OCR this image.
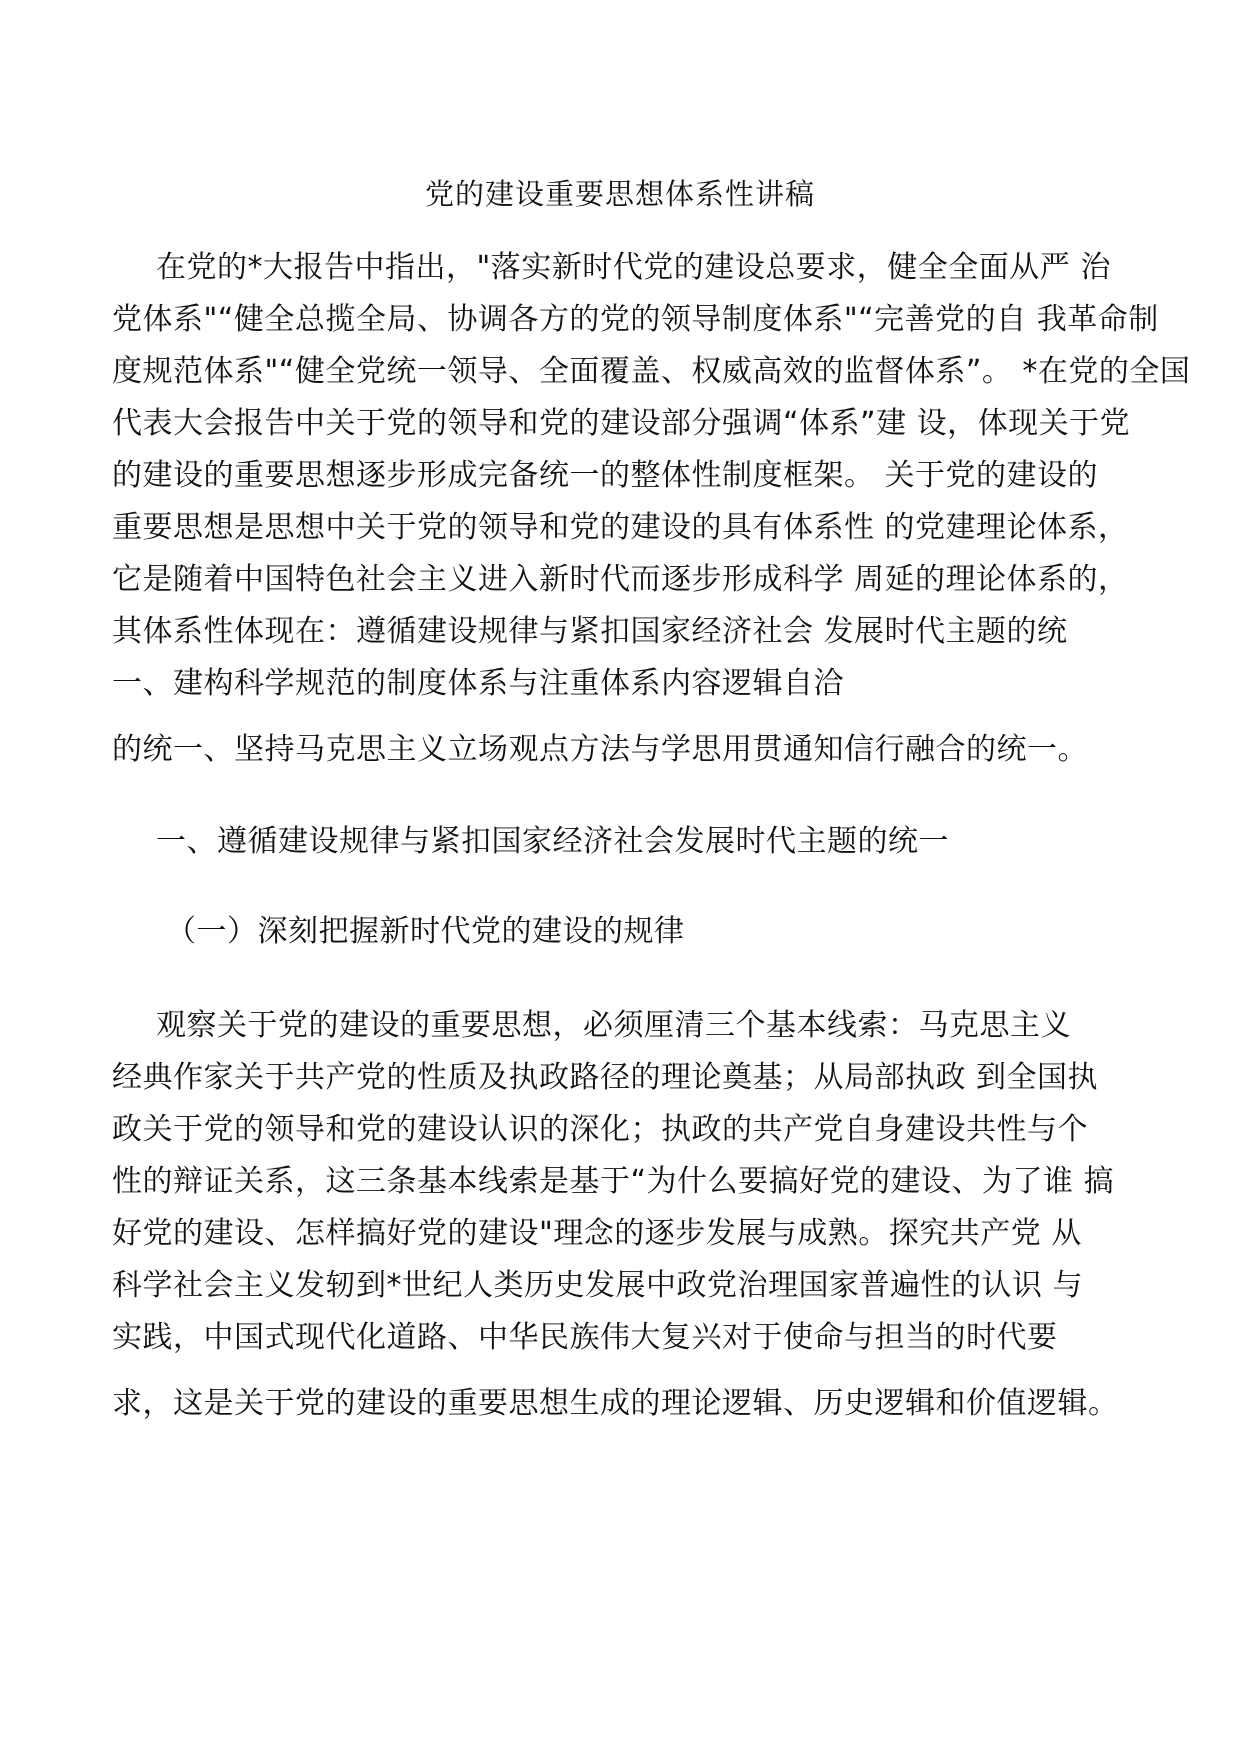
党的建设重要思想体系性讲稿
在党的*大报告中指出，"落实新时代党的建设总要求，健全全面从严 治
党体系"“健全总揽全局、协调各方的党的领导制度体系"“完善党的自 我革命制
度规范体系"“健全党统一领导、全面覆盖、权威高效的监督体系”。 *在党的全国
代表大会报告中关于党的领导和党的建设部分强调“体系”建 设，体现关于党
的建设的重要思想逐步形成完备统一的整体性制度框架。 关于党的建设的
重要思想是思想中关于党的领导和党的建设的具有体系性 的党建理论体系，
它是随着中国特色社会主义进入新时代而逐步形成科学 周延的理论体系的，
其体系性体现在：遵循建设规律与紧扣国家经济社会 发展时代主题的统
一、建构科学规范的制度体系与注重体系内容逻辑自洽
的统一、坚持马克思主义立场观点方法与学思用贯通知信行融合的统一。
一、遵循建设规律与紧扣国家经济社会发展时代主题的统一
（一）深刻把握新时代党的建设的规律
观察关于党的建设的重要思想，必须厘清三个基本线索：马克思主义
经典作家关于共产党的性质及执政路径的理论奠基；从局部执政 到全国执
政关于党的领导和党的建设认识的深化；执政的共产党自身建设共性与个
性的辩证关系，这三条基本线索是基于“为什么要搞好党的建设、为了谁 搞
好党的建设、怎样搞好党的建设"理念的逐步发展与成熟。探究共产党 从
科学社会主义发轫到*世纪人类历史发展中政党治理国家普遍性的认识 与
实践，中国式现代化道路、中华民族伟大复兴对于使命与担当的时代要
求，这是关于党的建设的重要思想生成的理论逻辑、历史逻辑和价值逻辑。
